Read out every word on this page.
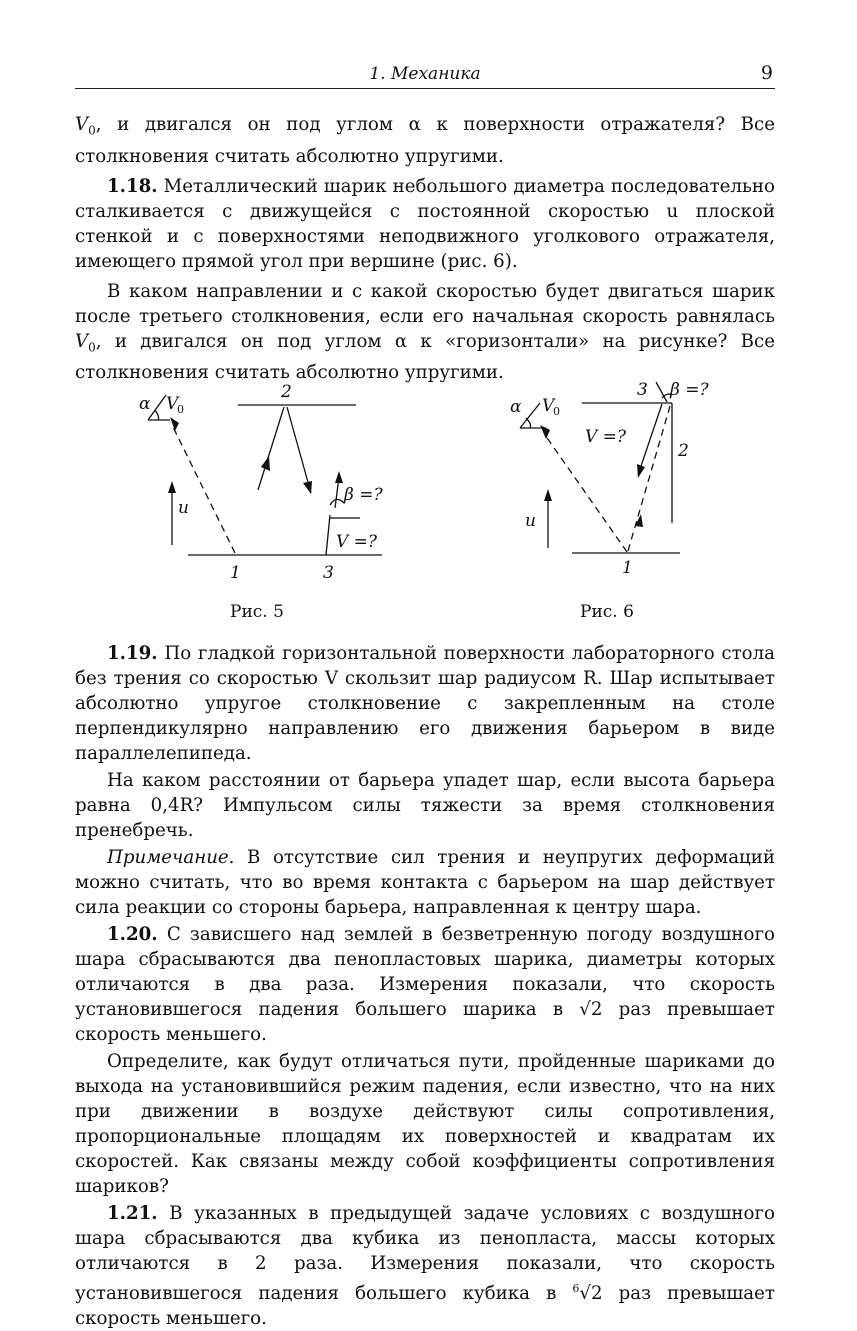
1. Механика	9

$V_0$, и двигался он под углом α к поверхности отражателя? Все столкновения считать абсолютно упругими.

1.18. Металлический шарик небольшого диаметра последовательно сталкивается с движущейся с постоянной скоростью u плоской стенкой и с поверхностями неподвижного уголкового отражателя, имеющего прямой угол при вершине (рис. 6).

В каком направлении и с какой скоростью будет двигаться шарик после третьего столкновения, если его начальная скорость равнялась $V_0$, и двигался он под углом α к «горизонтали» на рисунке? Все столкновения считать абсолютно упругими.

α V
0
u
2
1	3
β =?
V =?
Рис. 5
α V
0
u
V =?
3 β =?
2
1
Рис. 6

1.19. По гладкой горизонтальной поверхности лабораторного стола без трения со скоростью V скользит шар радиусом R. Шар испытывает абсолютно упругое столкновение с закрепленным на столе перпендикулярно направлению его движения барьером в виде параллелепипеда.

На каком расстоянии от барьера упадет шар, если высота барьера равна 0,4R? Импульсом силы тяжести за время столкновения пренебречь.

Примечание. В отсутствие сил трения и неупругих деформаций можно считать, что во время контакта с барьером на шар действует сила реакции со стороны барьера, направленная к центру шара.

1.20. С зависшего над землей в безветренную погоду воздушного шара сбрасываются два пенопластовых шарика, диаметры которых отличаются в два раза. Измерения показали, что скорость установившегося падения большего шарика в √2 раз превышает скорость меньшего.

Определите, как будут отличаться пути, пройденные шариками до выхода на установившийся режим падения, если известно, что на них при движении в воздухе действуют силы сопротивления, пропорциональные площадям их поверхностей и квадратам их скоростей. Как связаны между собой коэффициенты сопротивления шариков?

1.21. В указанных в предыдущей задаче условиях с воздушного шара сбрасываются два кубика из пенопласта, массы которых отличаются в 2 раза. Измерения показали, что скорость установившегося падения большего кубика в $^6$√2 раз превышает скорость меньшего.
